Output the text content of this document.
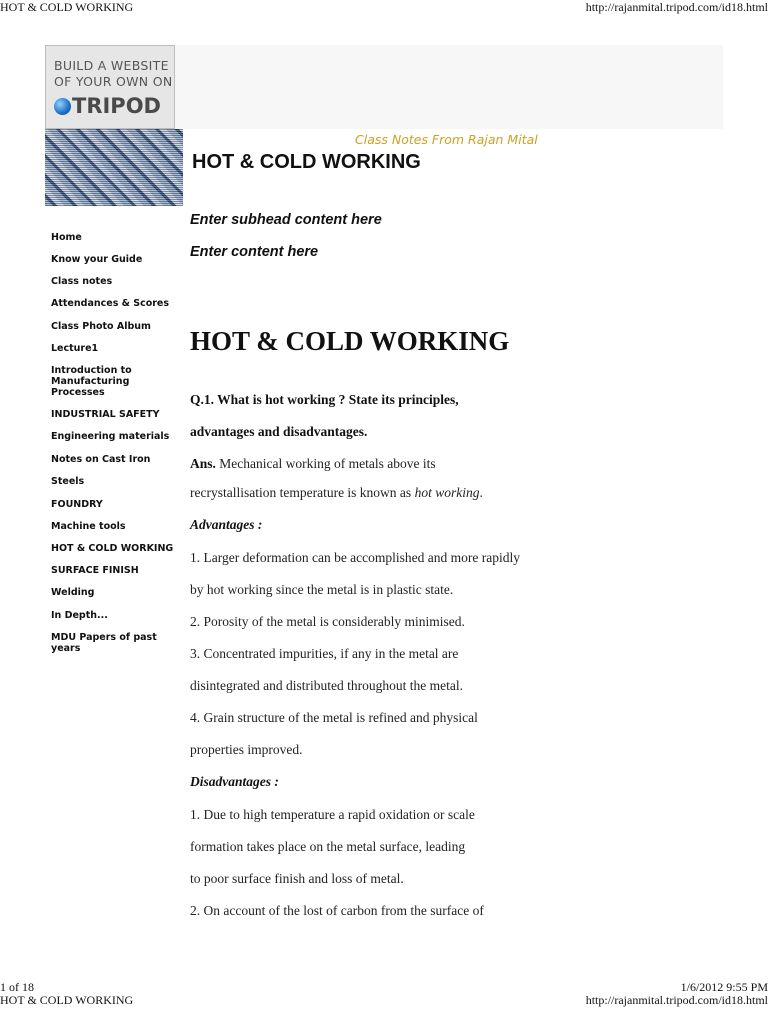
HOT & COLD WORKING	http://rajanmital.tripod.com/id18.html
BUILD A WEBSITE
OF YOUR OWN ON
TRIPOD
Class Notes From Rajan Mital
HOT & COLD WORKING
Enter subhead content here
Enter content here
Home
Know your Guide
Class notes
Attendances & Scores
Class Photo Album
Lecture1
Introduction to Manufacturing Processes
INDUSTRIAL SAFETY
Engineering materials
Notes on Cast Iron
Steels
FOUNDRY
Machine tools
HOT & COLD WORKING
SURFACE FINISH
Welding
In Depth...
MDU Papers of past years
HOT & COLD WORKING
Q.1. What is hot working ? State its principles,
advantages and disadvantages.
Ans. Mechanical working of metals above its
recrystallisation temperature is known as hot working.
Advantages :
1. Larger deformation can be accomplished and more rapidly
by hot working since the metal is in plastic state.
2. Porosity of the metal is considerably minimised.
3. Concentrated impurities, if any in the metal are
disintegrated and distributed throughout the metal.
4. Grain structure of the metal is refined and physical
properties improved.
Disadvantages :
1. Due to high temperature a rapid oxidation or scale
formation takes place on the metal surface, leading
to poor surface finish and loss of metal.
2. On account of the lost of carbon from the surface of
1 of 18	1/6/2012 9:55 PM
HOT & COLD WORKING	http://rajanmital.tripod.com/id18.html
